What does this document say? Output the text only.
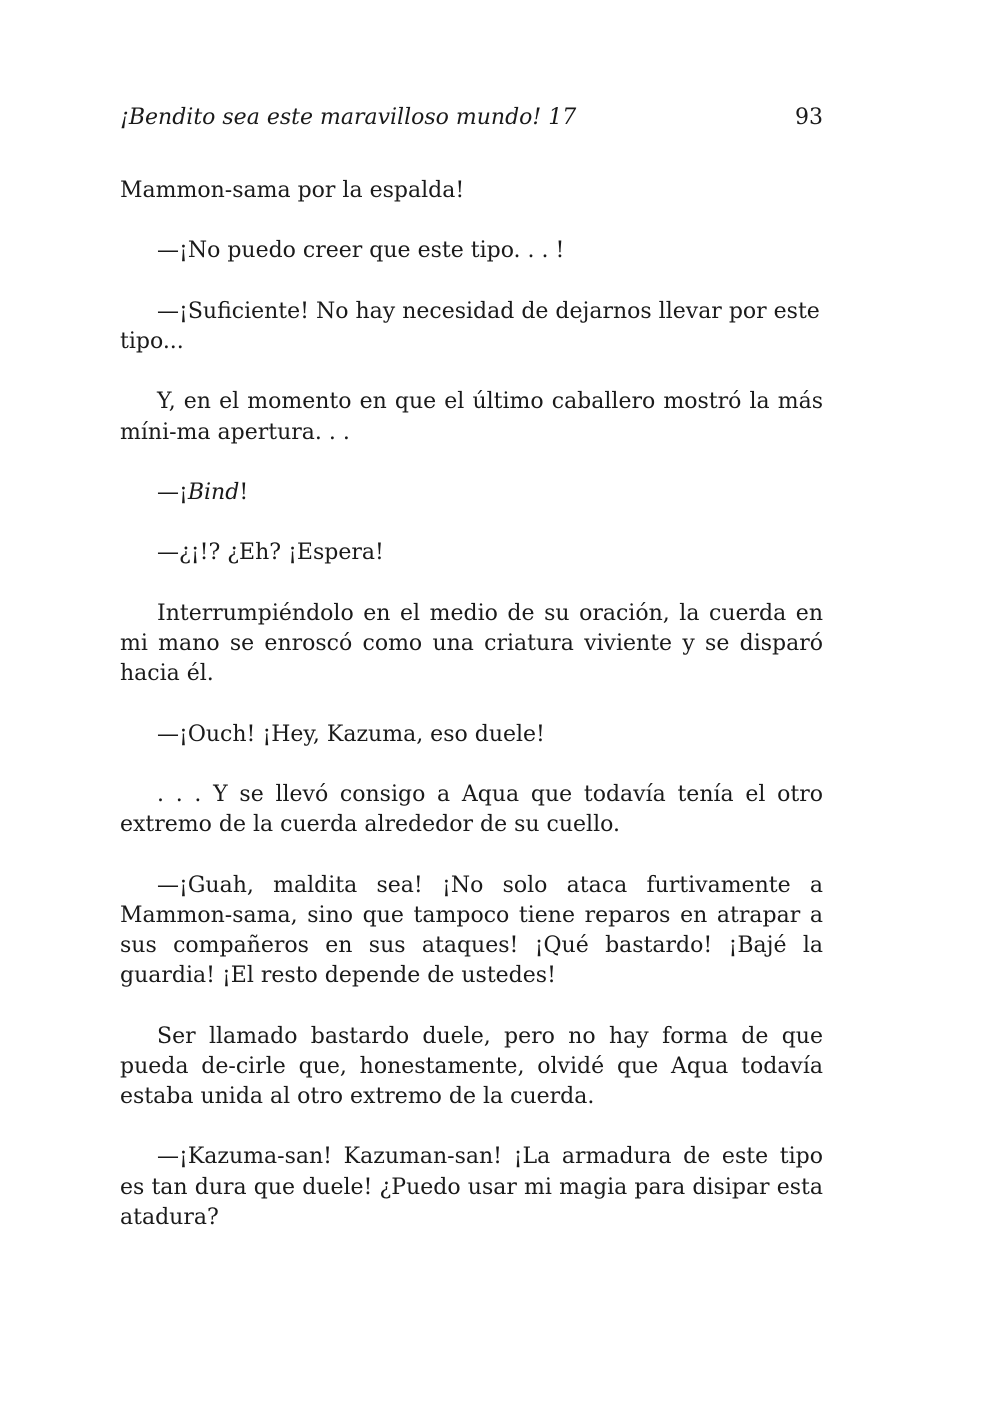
¡Bendito sea este maravilloso mundo! 17	93

Mammon-sama por la espalda!

—¡No puedo creer que este tipo. . . !

—¡Suficiente! No hay necesidad de dejarnos llevar por este tipo...

Y, en el momento en que el último caballero mostró la más míni-ma apertura. . .

—¡Bind!

—¿¡!? ¿Eh? ¡Espera!

Interrumpiéndolo en el medio de su oración, la cuerda en mi mano se enroscó como una criatura viviente y se disparó hacia él.

—¡Ouch! ¡Hey, Kazuma, eso duele!

. . . Y se llevó consigo a Aqua que todavía tenía el otro extremo de la cuerda alrededor de su cuello.

—¡Guah, maldita sea! ¡No solo ataca furtivamente a Mammon-sama, sino que tampoco tiene reparos en atrapar a sus compañeros en sus ataques! ¡Qué bastardo! ¡Bajé la guardia! ¡El resto depende de ustedes!

Ser llamado bastardo duele, pero no hay forma de que pueda de-cirle que, honestamente, olvidé que Aqua todavía estaba unida al otro extremo de la cuerda.

—¡Kazuma-san! Kazuman-san! ¡La armadura de este tipo es tan dura que duele! ¿Puedo usar mi magia para disipar esta atadura?
